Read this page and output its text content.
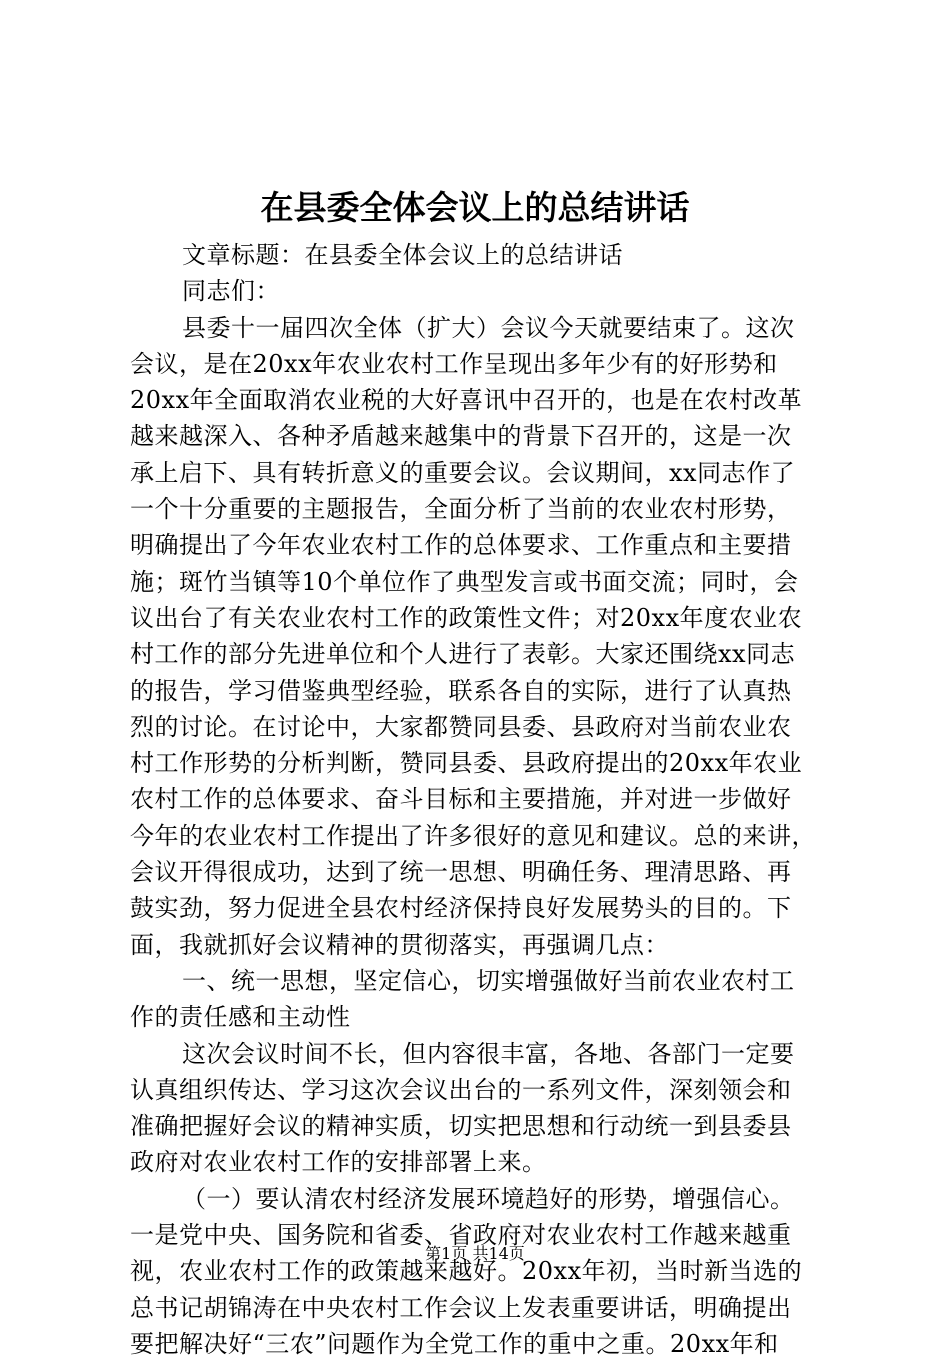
在县委全体会议上的总结讲话
文章标题：在县委全体会议上的总结讲话
同志们：
县委十一届四次全体（扩大）会议今天就要结束了。这次
会议，是在20xx年农业农村工作呈现出多年少有的好形势和
20xx年全面取消农业税的大好喜讯中召开的，也是在农村改革
越来越深入、各种矛盾越来越集中的背景下召开的，这是一次
承上启下、具有转折意义的重要会议。会议期间，xx同志作了
一个十分重要的主题报告，全面分析了当前的农业农村形势，
明确提出了今年农业农村工作的总体要求、工作重点和主要措
施；斑竹当镇等10个单位作了典型发言或书面交流；同时，会
议出台了有关农业农村工作的政策性文件；对20xx年度农业农
村工作的部分先进单位和个人进行了表彰。大家还围绕xx同志
的报告，学习借鉴典型经验，联系各自的实际，进行了认真热
烈的讨论。在讨论中，大家都赞同县委、县政府对当前农业农
村工作形势的分析判断，赞同县委、县政府提出的20xx年农业
农村工作的总体要求、奋斗目标和主要措施，并对进一步做好
今年的农业农村工作提出了许多很好的意见和建议。总的来讲，
会议开得很成功，达到了统一思想、明确任务、理清思路、再
鼓实劲，努力促进全县农村经济保持良好发展势头的目的。下
面，我就抓好会议精神的贯彻落实，再强调几点：
一、统一思想，坚定信心，切实增强做好当前农业农村工
作的责任感和主动性
这次会议时间不长，但内容很丰富，各地、各部门一定要
认真组织传达、学习这次会议出台的一系列文件，深刻领会和
准确把握好会议的精神实质，切实把思想和行动统一到县委县
政府对农业农村工作的安排部署上来。
（一）要认清农村经济发展环境趋好的形势，增强信心。
一是党中央、国务院和省委、省政府对农业农村工作越来越重
视，农业农村工作的政策越来越好。20xx年初，当时新当选的
总书记胡锦涛在中央农村工作会议上发表重要讲话，明确提出
要把解决好“三农”问题作为全党工作的重中之重。20xx年和
第1页 共14页
